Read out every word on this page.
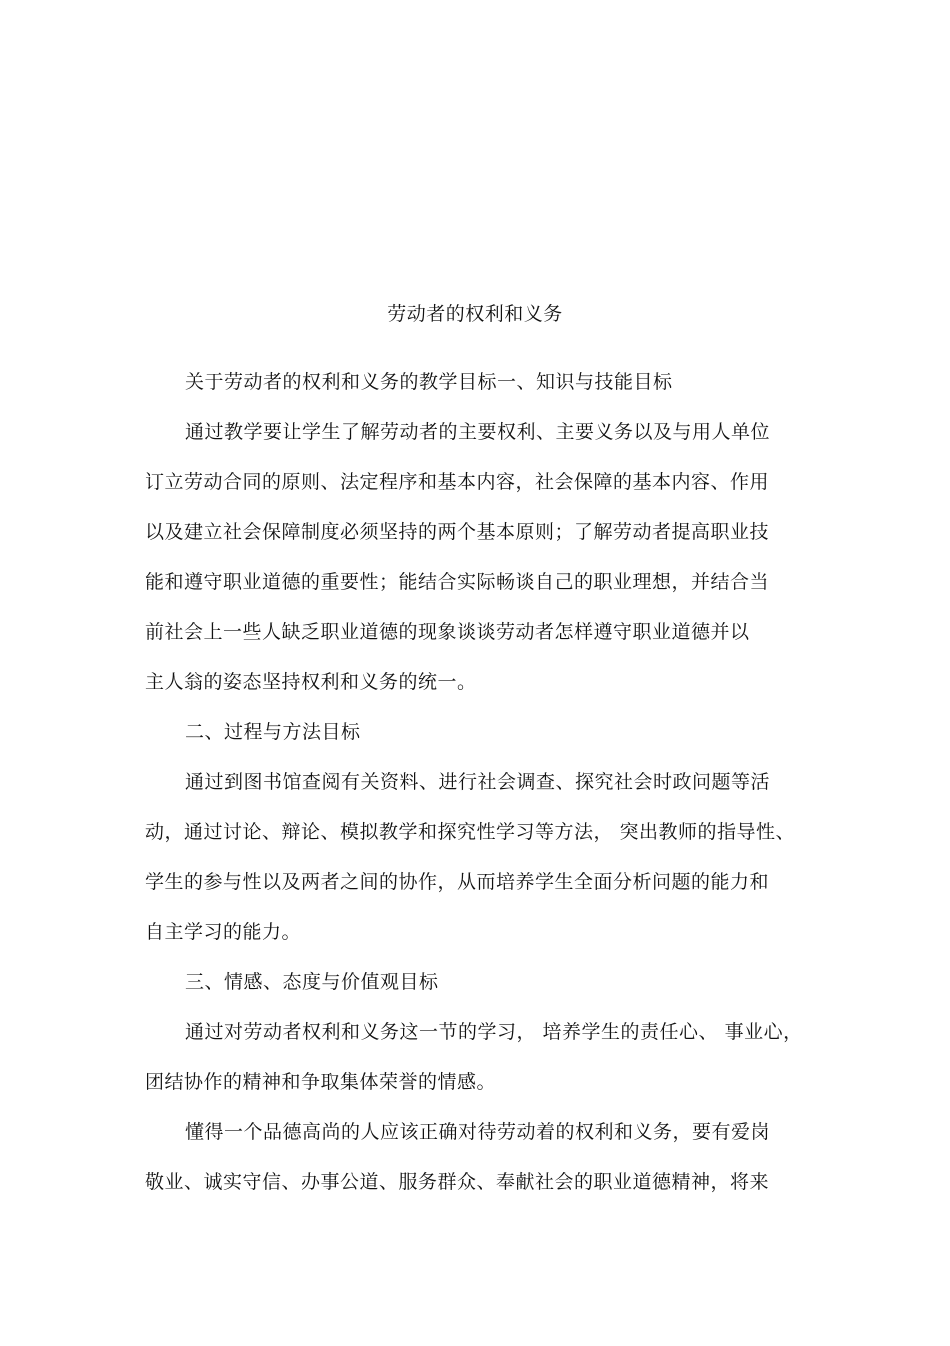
劳动者的权利和义务
关于劳动者的权利和义务的教学目标一、知识与技能目标
通过教学要让学生了解劳动者的主要权利、主要义务以及与用人单位
订立劳动合同的原则、法定程序和基本内容，社会保障的基本内容、作用
以及建立社会保障制度必须坚持的两个基本原则；了解劳动者提高职业技
能和遵守职业道德的重要性；能结合实际畅谈自己的职业理想，并结合当
前社会上一些人缺乏职业道德的现象谈谈劳动者怎样遵守职业道德并以
主人翁的姿态坚持权利和义务的统一。
二、过程与方法目标
通过到图书馆查阅有关资料、进行社会调查、探究社会时政问题等活
动，通过讨论、辩论、模拟教学和探究性学习等方法， 突出教师的指导性、
学生的参与性以及两者之间的协作，从而培养学生全面分析问题的能力和
自主学习的能力。
三、情感、态度与价值观目标
通过对劳动者权利和义务这一节的学习， 培养学生的责任心、 事业心，
团结协作的精神和争取集体荣誉的情感。
懂得一个品德高尚的人应该正确对待劳动着的权利和义务，要有爱岗
敬业、诚实守信、办事公道、服务群众、奉献社会的职业道德精神，将来
